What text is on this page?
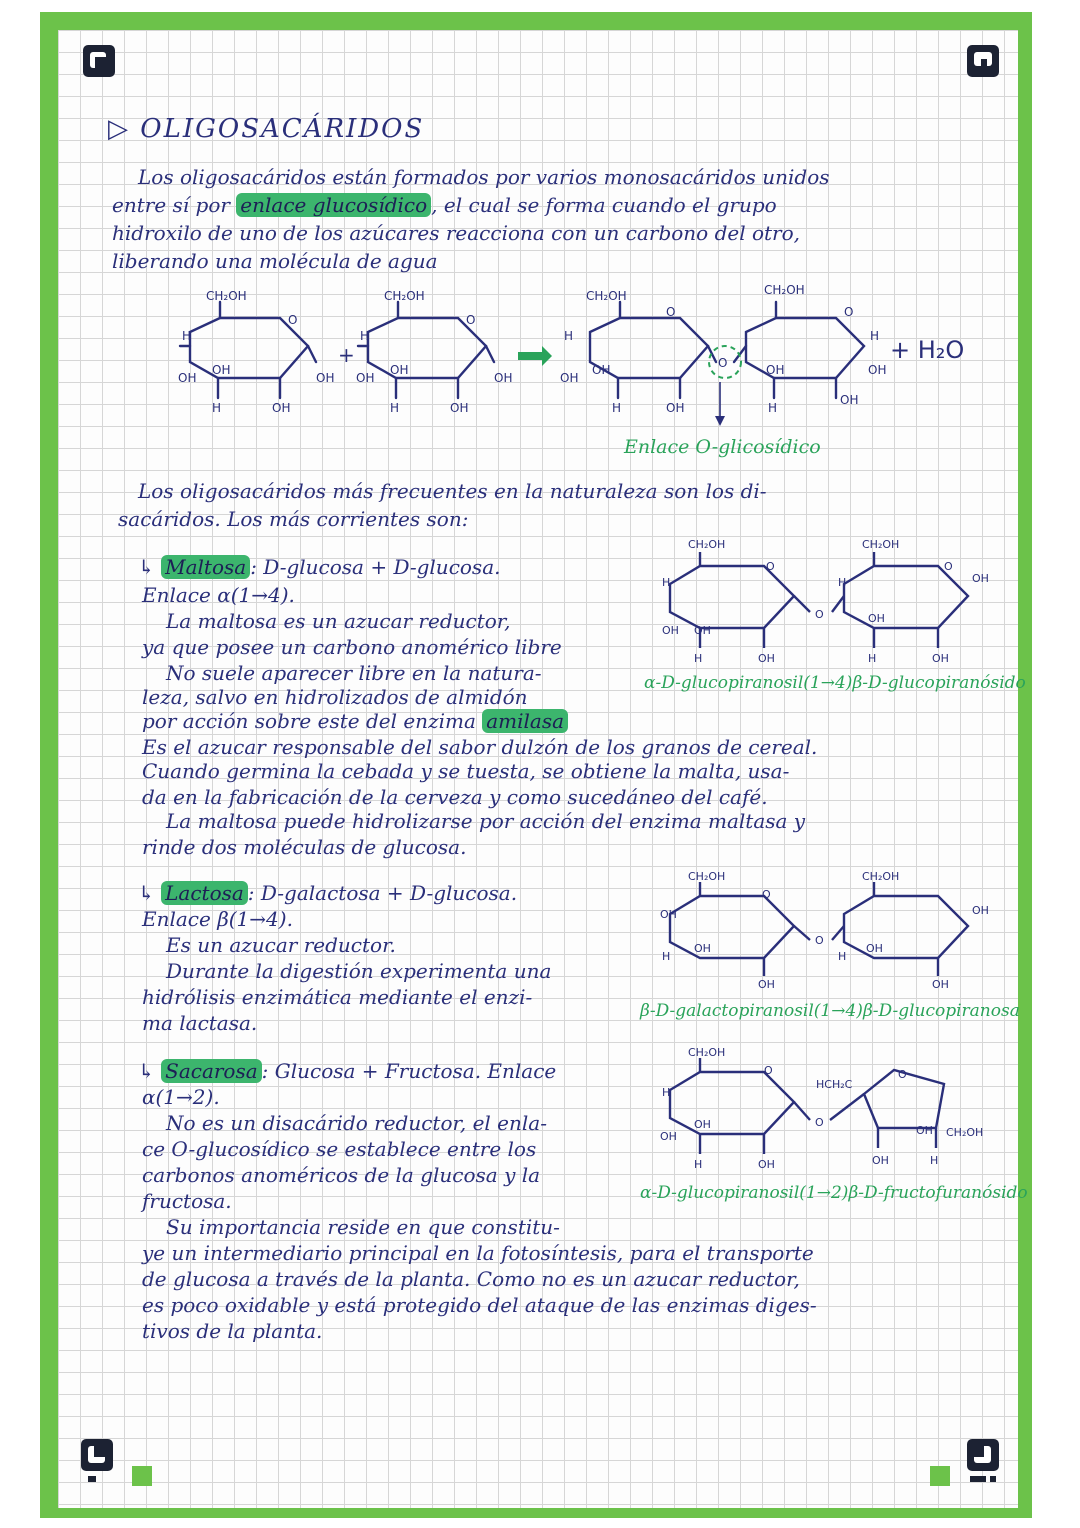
▷ OLIGOSACÁRIDOS
Los oligosacáridos están formados por varios monosacáridos unidos
entre sí por enlace glucosídico , el cual se forma cuando el grupo
hidroxilo de uno de los azúcares reacciona con un carbono del otro,
liberando una molécula de agua
CH₂OH	CH₂OH	CH₂OH	CH₂OH
O	O
O	O
O
OH
OH
OH OH
OH
OH	OH
OH	OH	OH
OH	OH	OH
OH
H	H	H	H
H	H	H	H
+	+ H₂O
Enlace O-glicosídico
Los oligosacáridos más frecuentes en la naturaleza son los di-
sacáridos. Los más corrientes son:
↳ Maltosa : D-glucosa + D-glucosa.
Enlace α(1→4).
La maltosa es un azucar reductor,
ya que posee un carbono anomérico libre
No suele aparecer libre en la natura-
leza, salvo en hidrolizados de almidón
por acción sobre este del enzima amilasa
Es el azucar responsable del sabor dulzón de los granos de cereal.
Cuando germina la cebada y se tuesta, se obtiene la malta, usa-
da en la fabricación de la cerveza y como sucedáneo del café.
La maltosa puede hidrolizarse por acción del enzima maltasa y
rinde dos moléculas de glucosa.
CH₂OH	CH₂OH
O	O
O
OH OH
OH
OH
OH	OH
H	H
H	H
α-D-glucopiranosil(1→4)β-D-glucopiranósido
↳ Lactosa : D-galactosa + D-glucosa.
Enlace β(1→4).
Es un azucar reductor.
Durante la digestión experimenta una
hidrólisis enzimática mediante el enzi-
ma lactasa.
CH₂OH	CH₂OH
O
O
OH
OH	OH
OH
OH	OH
H	H
β-D-galactopiranosil(1→4)β-D-glucopiranosa
↳ Sacarosa : Glucosa + Fructosa. Enlace
α(1→2).
No es un disacárido reductor, el enla-
ce O-glucosídico se establece entre los
carbonos anoméricos de la glucosa y la
fructosa.
Su importancia reside en que constitu-
ye un intermediario principal en la fotosíntesis, para el transporte
de glucosa a través de la planta. Como no es un azucar reductor,
es poco oxidable y está protegido del ataque de las enzimas diges-
tivos de la planta.
CH₂OH
O	O
O
HCH₂C
OH
OH
OH	OH
OH CH₂OH
H	H
H
α-D-glucopiranosil(1→2)β-D-fructofuranósido
